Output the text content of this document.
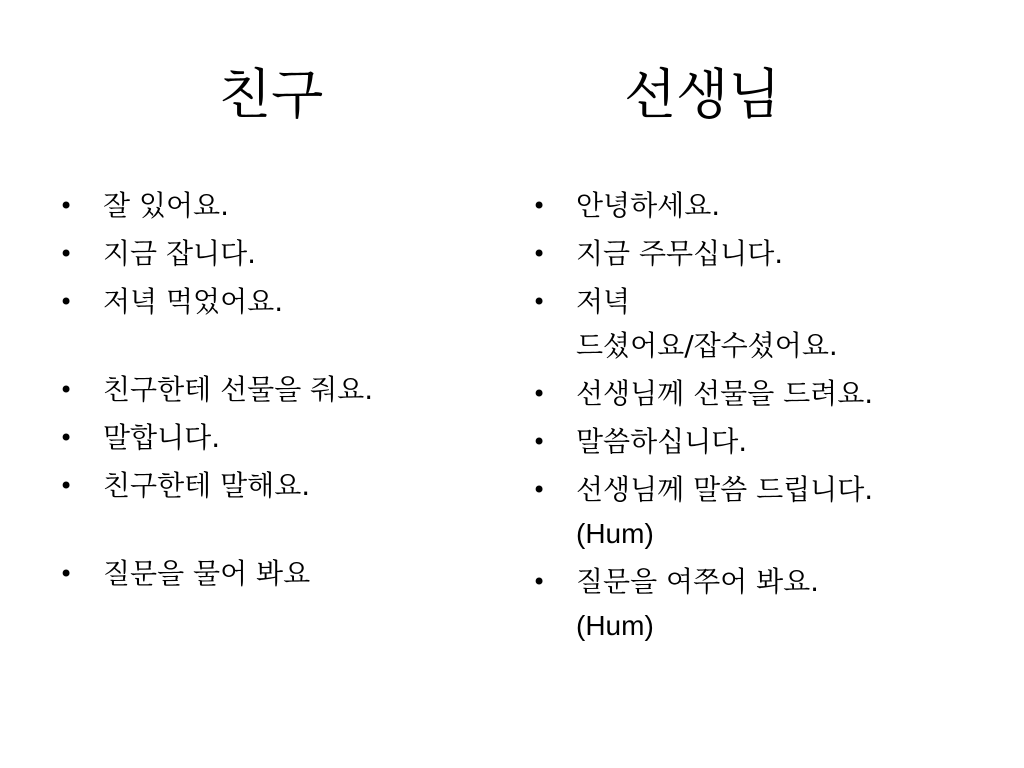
친구
• 잘 있어요.
• 지금 잡니다.
• 저녁 먹었어요.
• 친구한테 선물을 줘요.
• 말합니다.
• 친구한테 말해요.
• 질문을 물어 봐요
선생님
• 안녕하세요.
• 지금 주무십니다.
• 저녁
드셨어요/잡수셨어요.
• 선생님께 선물을 드려요.
• 말씀하십니다.
• 선생님께 말씀 드립니다.
(Hum)
• 질문을 여쭈어 봐요.
(Hum)
